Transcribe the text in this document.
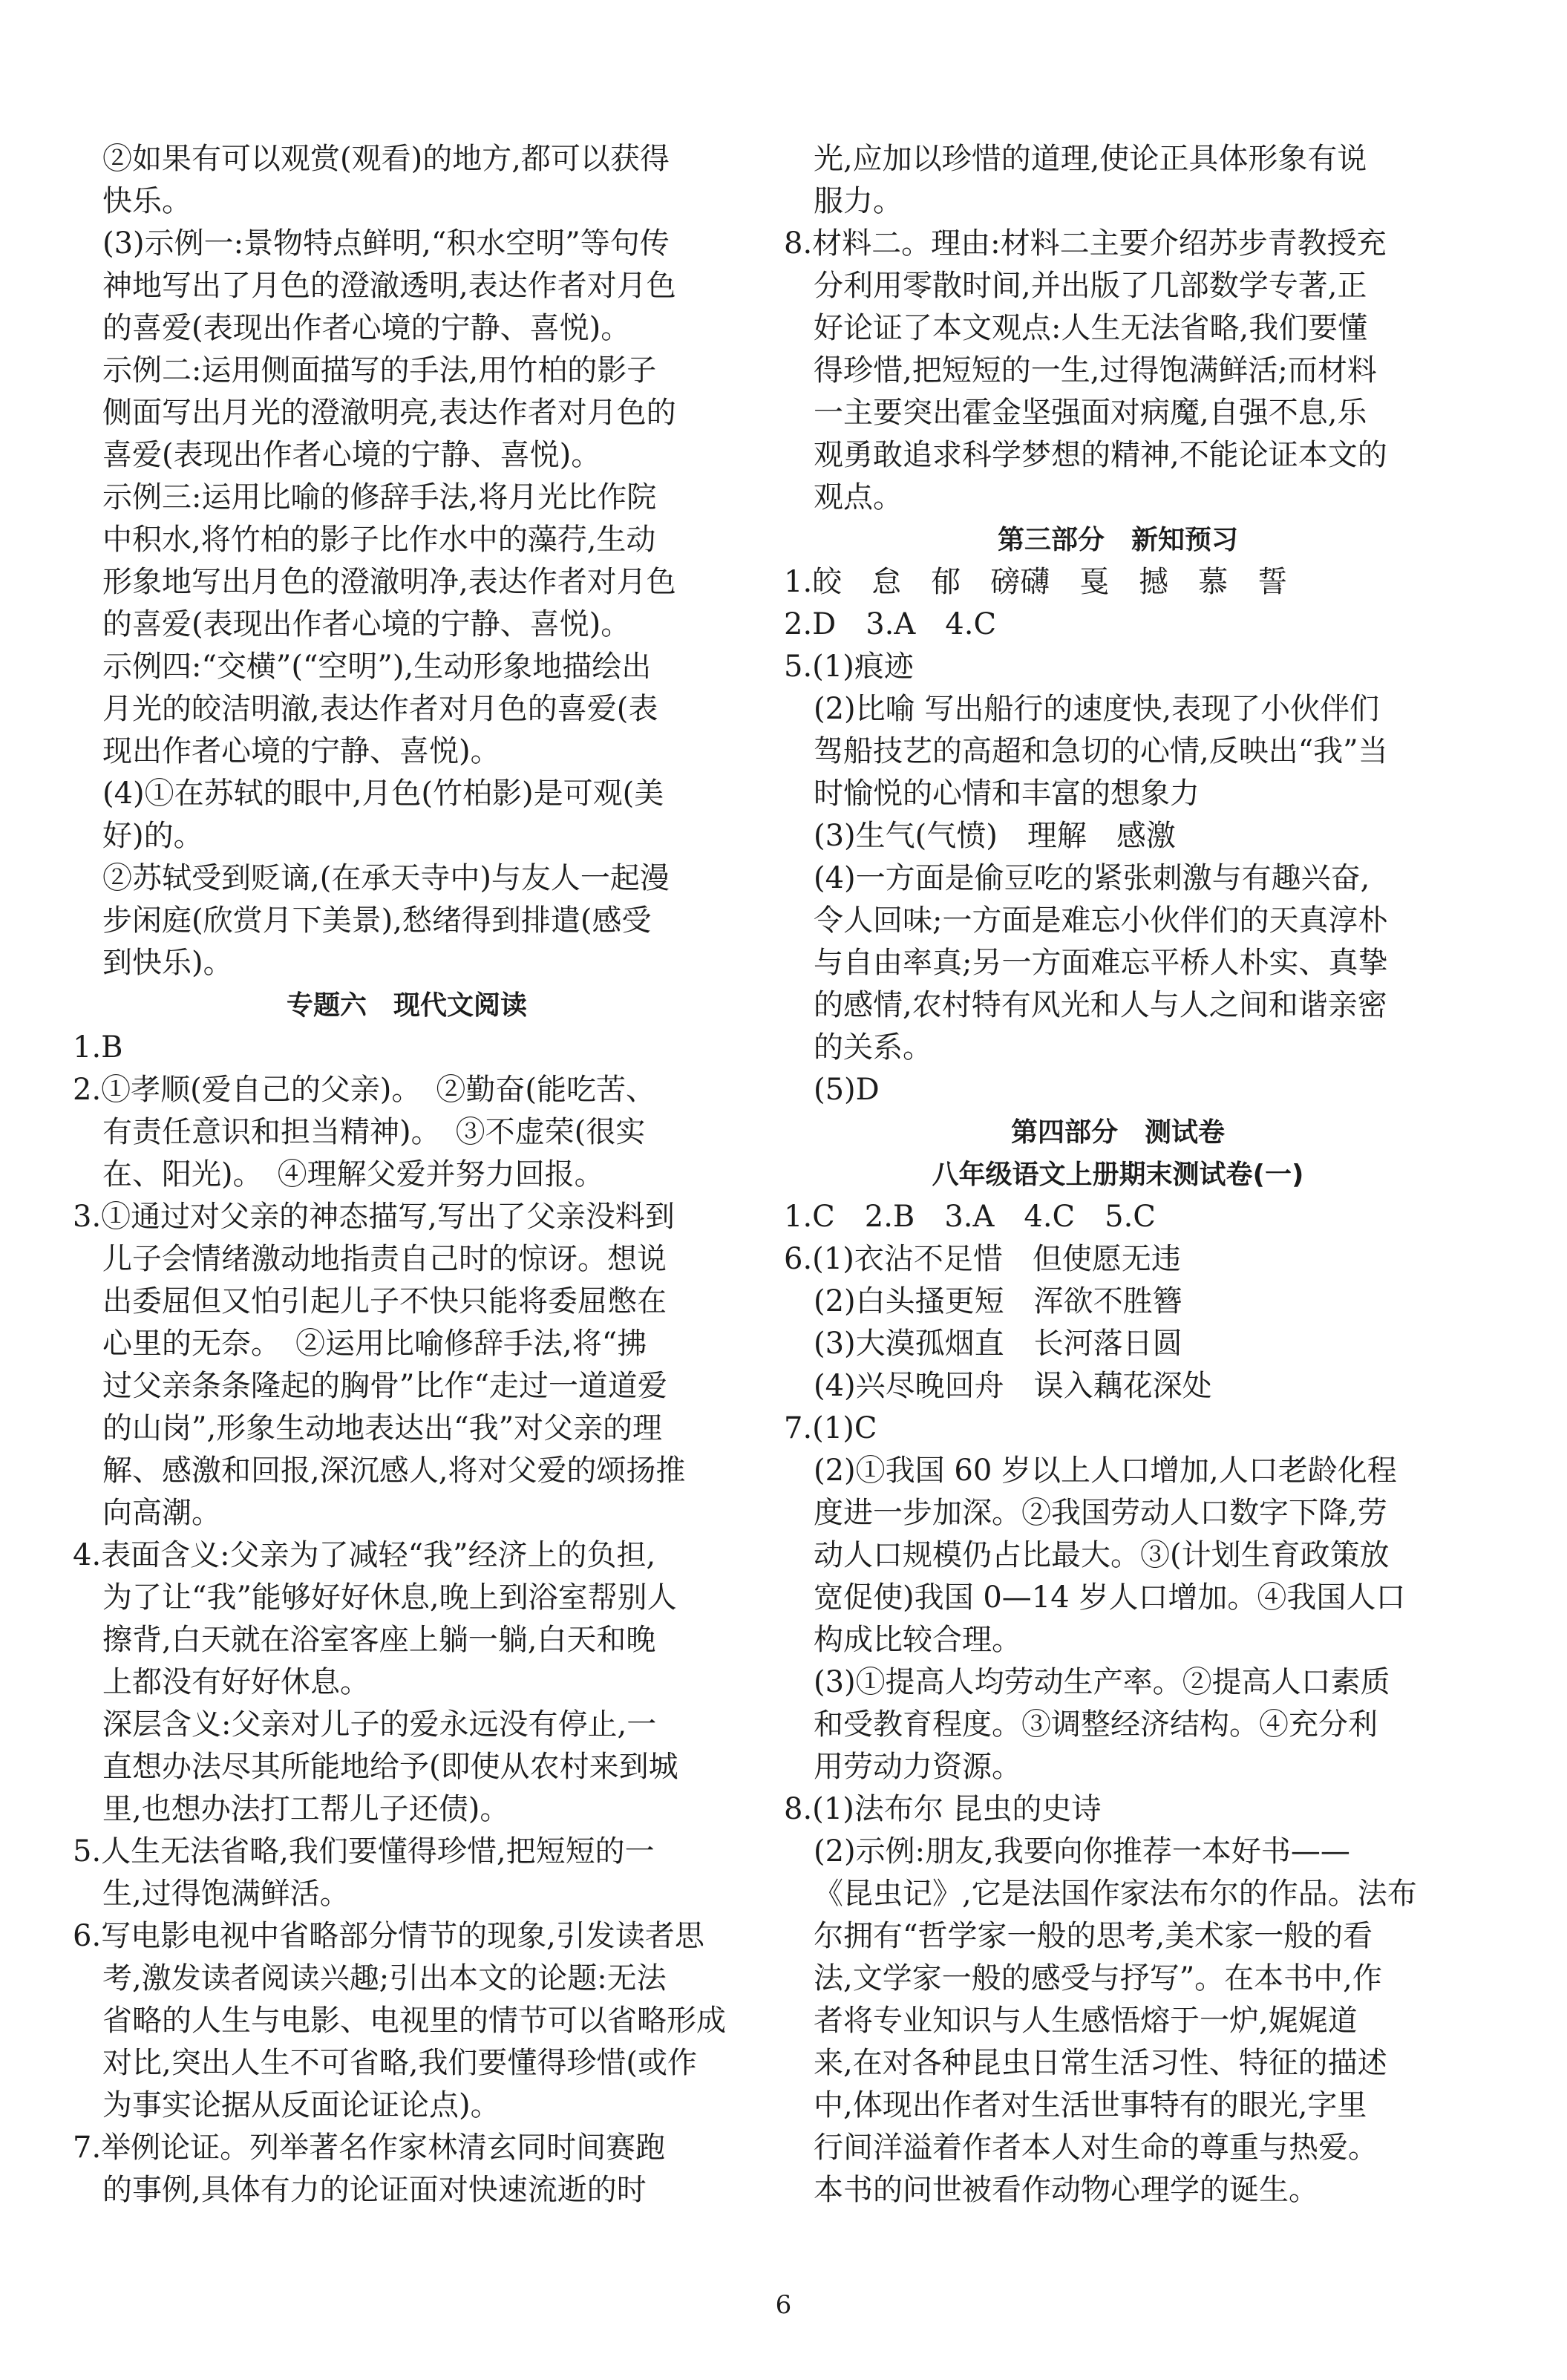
②如果有可以观赏(观看)的地方,都可以获得
快乐。
(3)示例一:景物特点鲜明,“积水空明”等句传
神地写出了月色的澄澈透明,表达作者对月色
的喜爱(表现出作者心境的宁静、喜悦)。
示例二:运用侧面描写的手法,用竹柏的影子
侧面写出月光的澄澈明亮,表达作者对月色的
喜爱(表现出作者心境的宁静、喜悦)。
示例三:运用比喻的修辞手法,将月光比作院
中积水,将竹柏的影子比作水中的藻荇,生动
形象地写出月色的澄澈明净,表达作者对月色
的喜爱(表现出作者心境的宁静、喜悦)。
示例四:“交横”(“空明”),生动形象地描绘出
月光的皎洁明澈,表达作者对月色的喜爱(表
现出作者心境的宁静、喜悦)。
(4)①在苏轼的眼中,月色(竹柏影)是可观(美
好)的。
②苏轼受到贬谪,(在承天寺中)与友人一起漫
步闲庭(欣赏月下美景),愁绪得到排遣(感受
到快乐)。
专题六　现代文阅读
1.B
2.①孝顺(爱自己的父亲)。　②勤奋(能吃苦、
有责任意识和担当精神)。　③不虚荣(很实
在、阳光)。　④理解父爱并努力回报。
3.①通过对父亲的神态描写,写出了父亲没料到
儿子会情绪激动地指责自己时的惊讶。想说
出委屈但又怕引起儿子不快只能将委屈憋在
心里的无奈。　②运用比喻修辞手法,将“拂
过父亲条条隆起的胸骨”比作“走过一道道爱
的山岗”,形象生动地表达出“我”对父亲的理
解、感激和回报,深沉感人,将对父爱的颂扬推
向高潮。
4.表面含义:父亲为了减轻“我”经济上的负担,
为了让“我”能够好好休息,晚上到浴室帮别人
擦背,白天就在浴室客座上躺一躺,白天和晚
上都没有好好休息。
深层含义:父亲对儿子的爱永远没有停止,一
直想办法尽其所能地给予(即使从农村来到城
里,也想办法打工帮儿子还债)。
5.人生无法省略,我们要懂得珍惜,把短短的一
生,过得饱满鲜活。
6.写电影电视中省略部分情节的现象,引发读者思
考,激发读者阅读兴趣;引出本文的论题:无法
省略的人生与电影、电视里的情节可以省略形成
对比,突出人生不可省略,我们要懂得珍惜(或作
为事实论据从反面论证论点)。
7.举例论证。列举著名作家林清玄同时间赛跑
的事例,具体有力的论证面对快速流逝的时
光,应加以珍惜的道理,使论正具体形象有说
服力。
8.材料二。理由:材料二主要介绍苏步青教授充
分利用零散时间,并出版了几部数学专著,正
好论证了本文观点:人生无法省略,我们要懂
得珍惜,把短短的一生,过得饱满鲜活;而材料
一主要突出霍金坚强面对病魔,自强不息,乐
观勇敢追求科学梦想的精神,不能论证本文的
观点。
第三部分　新知预习
1.皎　怠　郁　磅礴　戛　撼　慕　誓
2.D　3.A　4.C
5.(1)痕迹
(2)比喻 写出船行的速度快,表现了小伙伴们
驾船技艺的高超和急切的心情,反映出“我”当
时愉悦的心情和丰富的想象力
(3)生气(气愤)　理解　感激
(4)一方面是偷豆吃的紧张刺激与有趣兴奋,
令人回味;一方面是难忘小伙伴们的天真淳朴
与自由率真;另一方面难忘平桥人朴实、真挚
的感情,农村特有风光和人与人之间和谐亲密
的关系。
(5)D
第四部分　测试卷
八年级语文上册期末测试卷(一)
1.C　2.B　3.A　4.C　5.C
6.(1)衣沾不足惜　但使愿无违
(2)白头搔更短　浑欲不胜簪
(3)大漠孤烟直　长河落日圆
(4)兴尽晚回舟　误入藕花深处
7.(1)C
(2)①我国 60 岁以上人口增加,人口老龄化程
度进一步加深。②我国劳动人口数字下降,劳
动人口规模仍占比最大。③(计划生育政策放
宽促使)我国 0—14 岁人口增加。④我国人口
构成比较合理。
(3)①提高人均劳动生产率。②提高人口素质
和受教育程度。③调整经济结构。④充分利
用劳动力资源。
8.(1)法布尔 昆虫的史诗
(2)示例:朋友,我要向你推荐一本好书——
《昆虫记》,它是法国作家法布尔的作品。法布
尔拥有“哲学家一般的思考,美术家一般的看
法,文学家一般的感受与抒写”。在本书中,作
者将专业知识与人生感悟熔于一炉,娓娓道
来,在对各种昆虫日常生活习性、特征的描述
中,体现出作者对生活世事特有的眼光,字里
行间洋溢着作者本人对生命的尊重与热爱。
本书的问世被看作动物心理学的诞生。
6
